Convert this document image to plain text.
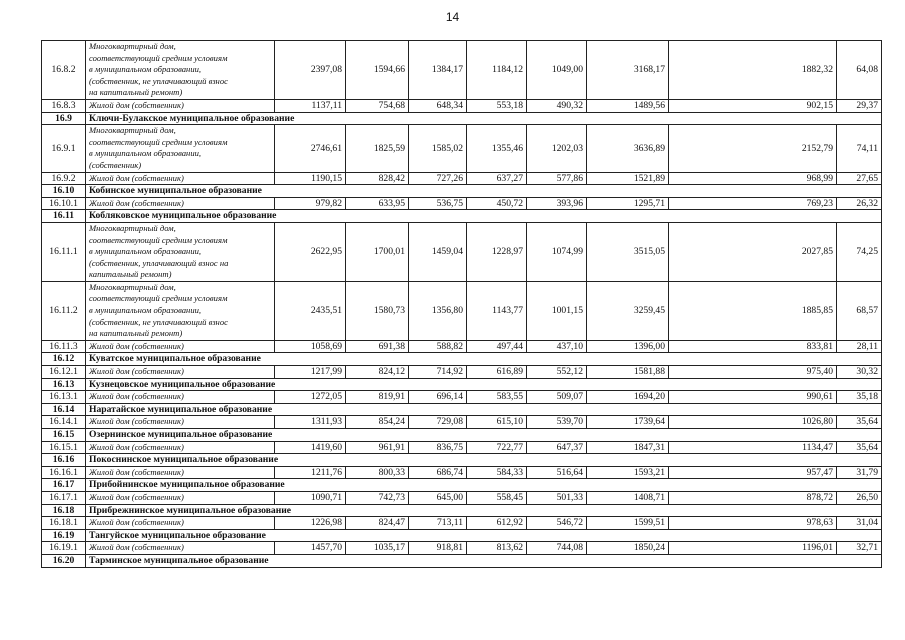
14
16.8.2	Многоквартирный дом,
соответствующий средним условиям
в муниципальном образовании,
(собственник, не уплачивающий взнос
на капитальный ремонт)	2397,08	1594,66	1384,17	1184,12	1049,00	3168,17	1882,32	64,08
16.8.3	Жилой дом (собственник)	1137,11	754,68	648,34	553,18	490,32	1489,56	902,15	29,37
16.9	Ключи-Булакское муниципальное образование								
16.9.1	Многоквартирный дом,
соответствующий средним условиям
в муниципальном образовании,
(собственник)	2746,61	1825,59	1585,02	1355,46	1202,03	3636,89	2152,79	74,11
16.9.2	Жилой дом (собственник)	1190,15	828,42	727,26	637,27	577,86	1521,89	968,99	27,65
16.10	Кобинское муниципальное образование								
16.10.1	Жилой дом (собственник)	979,82	633,95	536,75	450,72	393,96	1295,71	769,23	26,32
16.11	Кобляковское муниципальное образование								
16.11.1	Многоквартирный дом,
соответствующий средним условиям
в муниципальном образовании,
(собственник, уплачивающий взнос на
капитальный ремонт)	2622,95	1700,01	1459,04	1228,97	1074,99	3515,05	2027,85	74,25
16.11.2	Многоквартирный дом,
соответствующий средним условиям
в муниципальном образовании,
(собственник, не уплачивающий взнос
на капитальный ремонт)	2435,51	1580,73	1356,80	1143,77	1001,15	3259,45	1885,85	68,57
16.11.3	Жилой дом (собственник)	1058,69	691,38	588,82	497,44	437,10	1396,00	833,81	28,11
16.12	Куватское муниципальное образование								
16.12.1	Жилой дом (собственник)	1217,99	824,12	714,92	616,89	552,12	1581,88	975,40	30,32
16.13	Кузнецовское муниципальное образование								
16.13.1	Жилой дом (собственник)	1272,05	819,91	696,14	583,55	509,07	1694,20	990,61	35,18
16.14	Наратайское муниципальное образование								
16.14.1	Жилой дом (собственник)	1311,93	854,24	729,08	615,10	539,70	1739,64	1026,80	35,64
16.15	Озернинское муниципальное образование								
16.15.1	Жилой дом (собственник)	1419,60	961,91	836,75	722,77	647,37	1847,31	1134,47	35,64
16.16	Покоснинское муниципальное образование								
16.16.1	Жилой дом (собственник)	1211,76	800,33	686,74	584,33	516,64	1593,21	957,47	31,79
16.17	Прибойнинское муниципальное образование								
16.17.1	Жилой дом (собственник)	1090,71	742,73	645,00	558,45	501,33	1408,71	878,72	26,50
16.18	Прибрежнинское муниципальное образование								
16.18.1	Жилой дом (собственник)	1226,98	824,47	713,11	612,92	546,72	1599,51	978,63	31,04
16.19	Тангуйское муниципальное образование								
16.19.1	Жилой дом (собственник)	1457,70	1035,17	918,81	813,62	744,08	1850,24	1196,01	32,71
16.20	Тарминское муниципальное образование								
